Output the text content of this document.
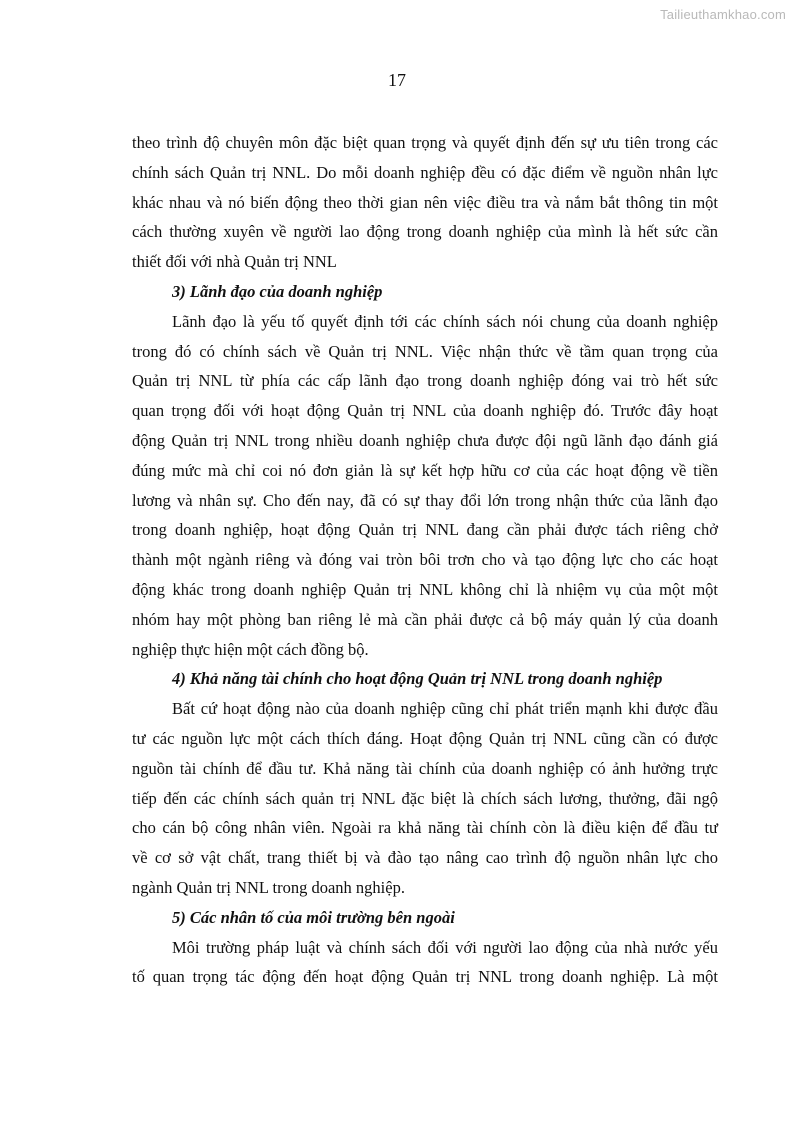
Tailieuthamkhao.com
17

theo trình độ chuyên môn đặc biệt quan trọng và quyết định đến sự ưu tiên trong các
chính sách Quản trị NNL. Do mỗi doanh nghiệp đều có đặc điểm về nguồn nhân lực
khác nhau và nó biến động theo thời gian nên việc điều tra và nắm bắt thông tin một
cách thường xuyên về người lao động trong doanh nghiệp của mình là hết sức cần
thiết đối với nhà Quản trị NNL

3) Lãnh đạo của doanh nghiệp

Lãnh đạo là yếu tố quyết định tới các chính sách nói chung của doanh nghiệp
trong đó có chính sách về Quản trị NNL. Việc nhận thức về tầm quan trọng của
Quản trị NNL từ phía các cấp lãnh đạo trong doanh nghiệp đóng vai trò hết sức
quan trọng đối với hoạt động Quản trị NNL của doanh nghiệp đó. Trước đây hoạt
động Quản trị NNL trong nhiều doanh nghiệp chưa được đội ngũ lãnh đạo đánh giá
đúng mức mà chỉ coi nó đơn giản là sự kết hợp hữu cơ của các hoạt động về tiền
lương và nhân sự. Cho đến nay, đã có sự thay đổi lớn trong nhận thức của lãnh đạo
trong doanh nghiệp, hoạt động Quản trị NNL đang cần phải được tách riêng chở
thành một ngành riêng và đóng vai tròn bôi trơn cho và tạo động lực cho các hoạt
động khác trong doanh nghiệp Quản trị NNL không chỉ là nhiệm vụ của một một
nhóm hay một phòng ban riêng lẻ mà cần phải được cả bộ máy quản lý của doanh
nghiệp thực hiện một cách đồng bộ.

4) Khả năng tài chính cho hoạt động Quản trị NNL trong doanh nghiệp

Bất cứ hoạt động nào của doanh nghiệp cũng chỉ phát triển mạnh khi được đầu
tư các nguồn lực một cách thích đáng. Hoạt động Quản trị NNL cũng cần có được
nguồn tài chính để đầu tư. Khả năng tài chính của doanh nghiệp có ảnh hưởng trực
tiếp đến các chính sách quản trị NNL đặc biệt là chích sách lương, thưởng, đãi ngộ
cho cán bộ công nhân viên. Ngoài ra khả năng tài chính còn là điều kiện để đầu tư
về cơ sở vật chất, trang thiết bị và đào tạo nâng cao trình độ nguồn nhân lực cho
ngành Quản trị NNL trong doanh nghiệp.

5) Các nhân tố của môi trường bên ngoài

Môi trường pháp luật và chính sách đối với người lao động của nhà nước yếu
tố quan trọng tác động đến hoạt động Quản trị NNL trong doanh nghiệp. Là một
